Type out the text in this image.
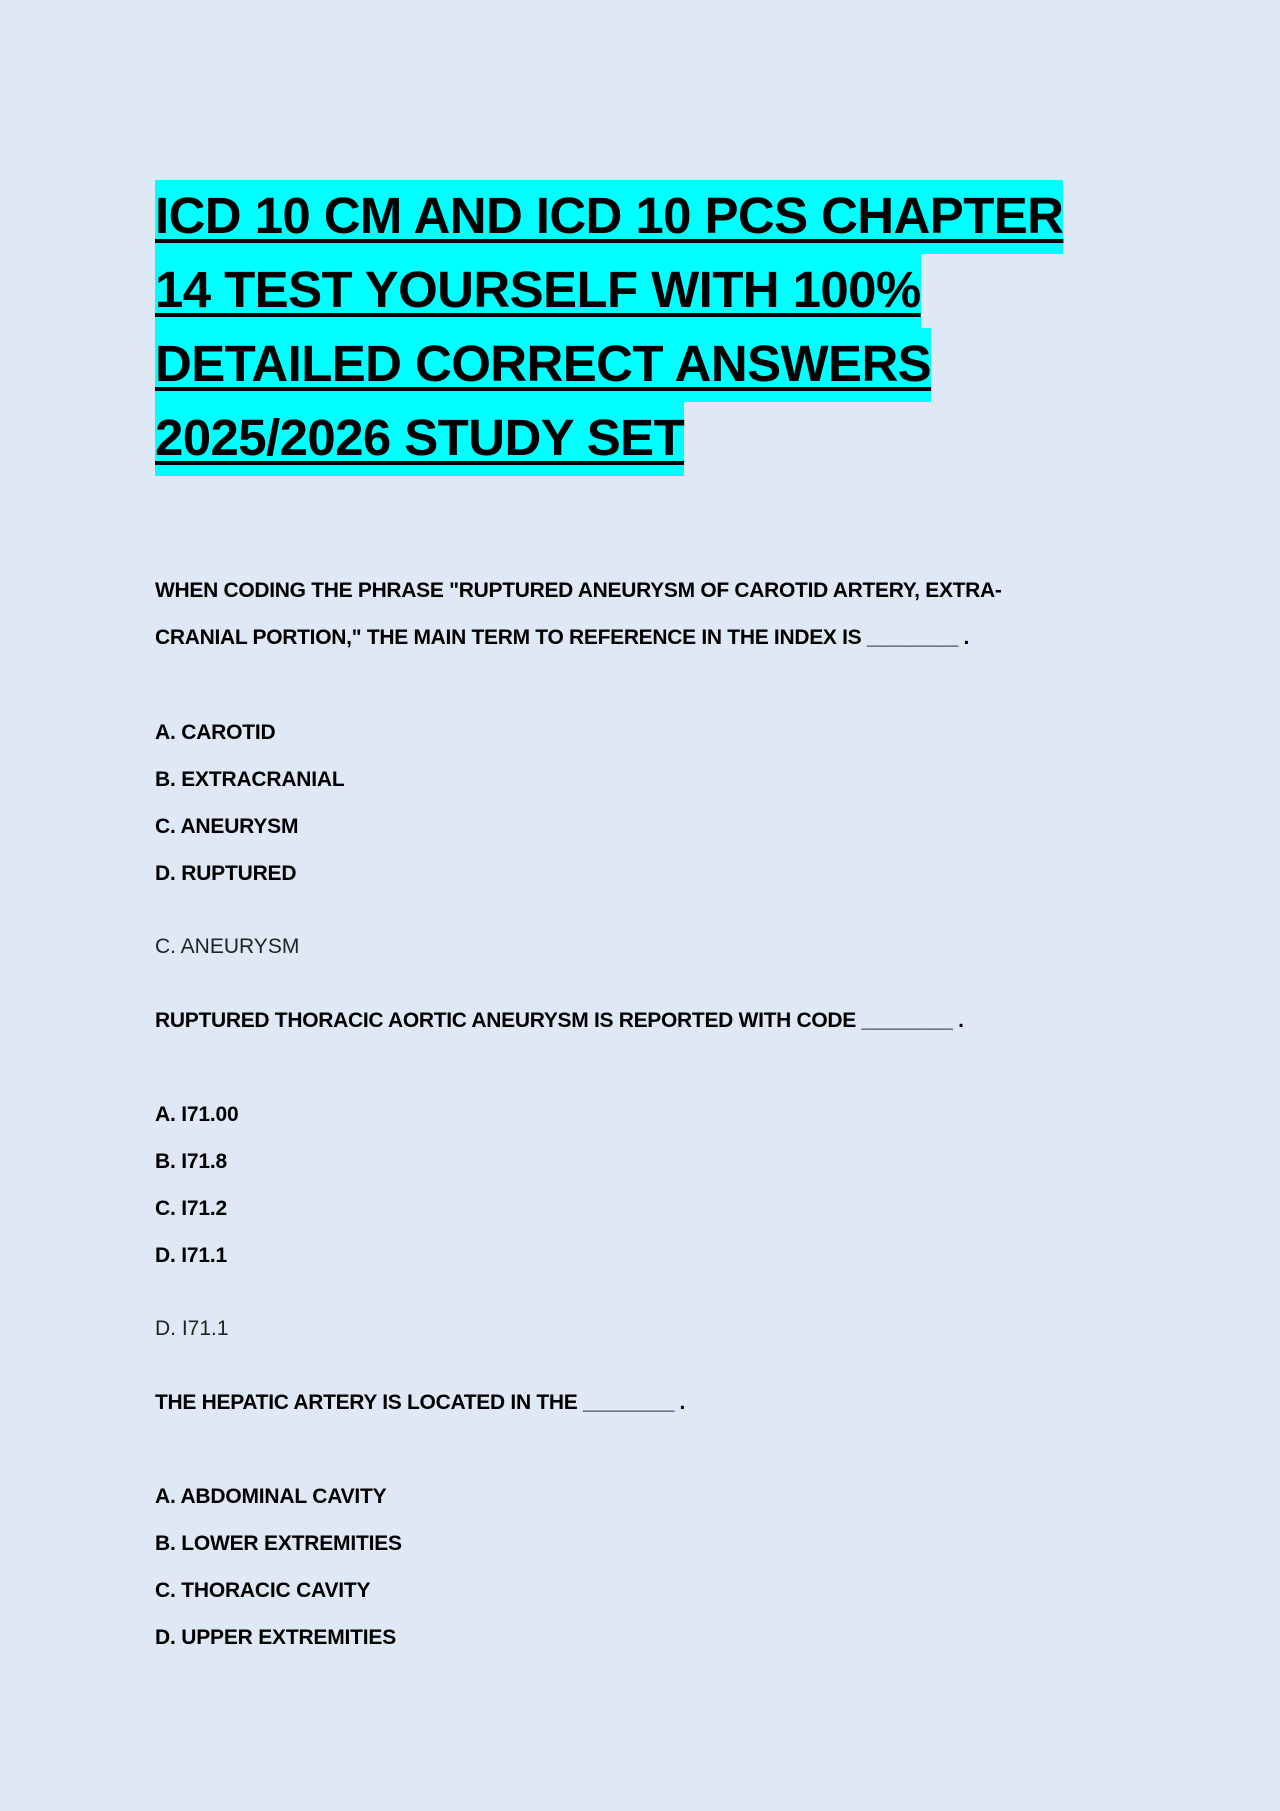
ICD 10 CM AND ICD 10 PCS CHAPTER
14 TEST YOURSELF WITH 100%
DETAILED CORRECT ANSWERS
2025/2026 STUDY SET
WHEN CODING THE PHRASE "RUPTURED ANEURYSM OF CAROTID ARTERY, EXTRA-
CRANIAL PORTION," THE MAIN TERM TO REFERENCE IN THE INDEX IS ________ .
A. CAROTID
B. EXTRACRANIAL
C. ANEURYSM
D. RUPTURED
C. ANEURYSM
RUPTURED THORACIC AORTIC ANEURYSM IS REPORTED WITH CODE ________ .
A. I71.00
B. I71.8
C. I71.2
D. I71.1
D. I71.1
THE HEPATIC ARTERY IS LOCATED IN THE ________ .
A. ABDOMINAL CAVITY
B. LOWER EXTREMITIES
C. THORACIC CAVITY
D. UPPER EXTREMITIES
